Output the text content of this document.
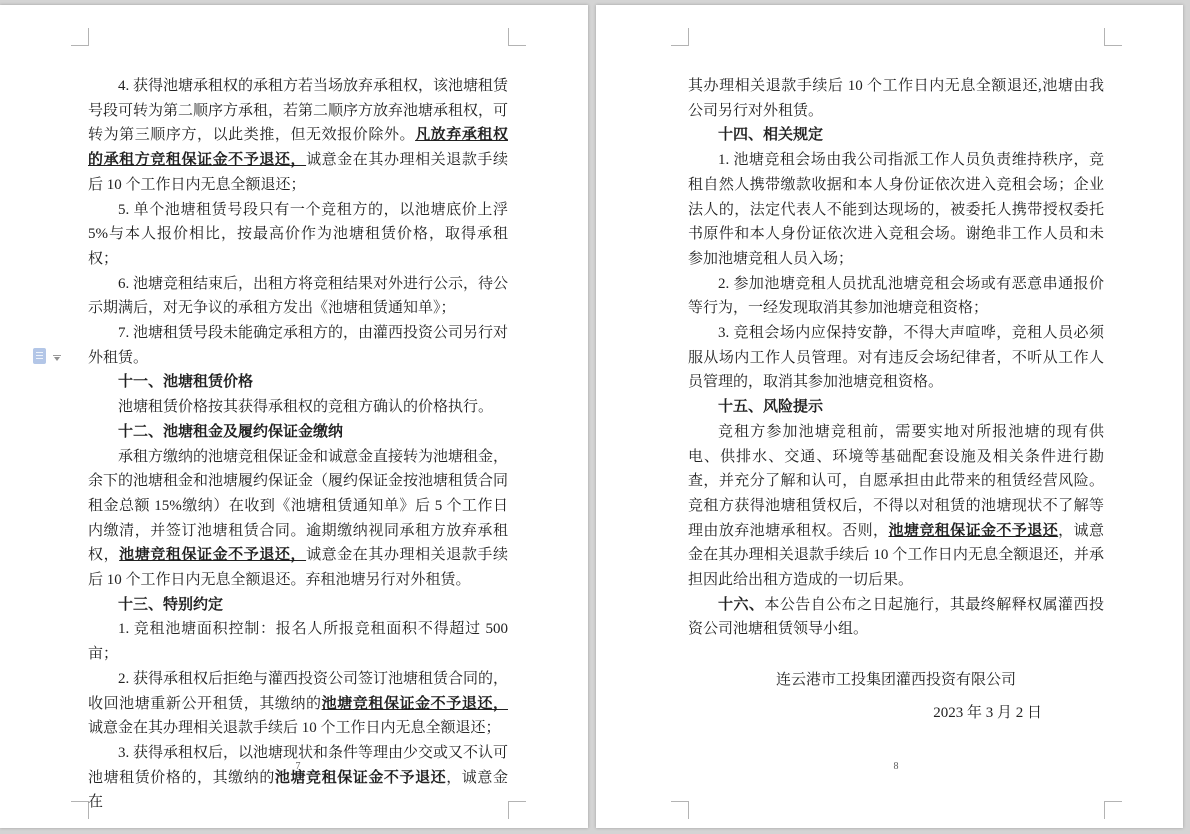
4. 获得池塘承租权的承租方若当场放弃承租权，该池塘租赁号段可转为第二顺序方承租，若第二顺序方放弃池塘承租权，可转为第三顺序方，以此类推，但无效报价除外。凡放弃承租权的承租方竞租保证金不予退还，诚意金在其办理相关退款手续后 10 个工作日内无息全额退还；

5. 单个池塘租赁号段只有一个竞租方的，以池塘底价上浮 5%与本人报价相比，按最高价作为池塘租赁价格，取得承租权；

6. 池塘竞租结束后，出租方将竞租结果对外进行公示，待公示期满后，对无争议的承租方发出《池塘租赁通知单》；

7. 池塘租赁号段未能确定承租方的，由灌西投资公司另行对外租赁。

十一、池塘租赁价格

池塘租赁价格按其获得承租权的竞租方确认的价格执行。

十二、池塘租金及履约保证金缴纳

承租方缴纳的池塘竞租保证金和诚意金直接转为池塘租金，余下的池塘租金和池塘履约保证金（履约保证金按池塘租赁合同租金总额 15%缴纳）在收到《池塘租赁通知单》后 5 个工作日内缴清，并签订池塘租赁合同。逾期缴纳视同承租方放弃承租权，池塘竞租保证金不予退还，诚意金在其办理相关退款手续后 10 个工作日内无息全额退还。弃租池塘另行对外租赁。

十三、特别约定

1. 竞租池塘面积控制：报名人所报竞租面积不得超过 500 亩；

2. 获得承租权后拒绝与灌西投资公司签订池塘租赁合同的，收回池塘重新公开租赁，其缴纳的池塘竞租保证金不予退还，诚意金在其办理相关退款手续后 10 个工作日内无息全额退还；

3. 获得承租权后，以池塘现状和条件等理由少交或又不认可池塘租赁价格的，其缴纳的池塘竞租保证金不予退还，诚意金在

7

其办理相关退款手续后 10 个工作日内无息全额退还,池塘由我公司另行对外租赁。

十四、相关规定

1. 池塘竞租会场由我公司指派工作人员负责维持秩序，竞租自然人携带缴款收据和本人身份证依次进入竞租会场；企业法人的，法定代表人不能到达现场的，被委托人携带授权委托书原件和本人身份证依次进入竞租会场。谢绝非工作人员和未参加池塘竞租人员入场；

2. 参加池塘竞租人员扰乱池塘竞租会场或有恶意串通报价等行为，一经发现取消其参加池塘竞租资格；

3. 竞租会场内应保持安静，不得大声喧哗，竞租人员必须服从场内工作人员管理。对有违反会场纪律者，不听从工作人员管理的，取消其参加池塘竞租资格。

十五、风险提示

竞租方参加池塘竞租前，需要实地对所报池塘的现有供电、供排水、交通、环境等基础配套设施及相关条件进行勘查，并充分了解和认可，自愿承担由此带来的租赁经营风险。竞租方获得池塘租赁权后，不得以对租赁的池塘现状不了解等理由放弃池塘承租权。否则，池塘竞租保证金不予退还，诚意金在其办理相关退款手续后 10 个工作日内无息全额退还，并承担因此给出租方造成的一切后果。

十六、本公告自公布之日起施行，其最终解释权属灌西投资公司池塘租赁领导小组。

连云港市工投集团灌西投资有限公司

2023 年 3 月 2 日

8
